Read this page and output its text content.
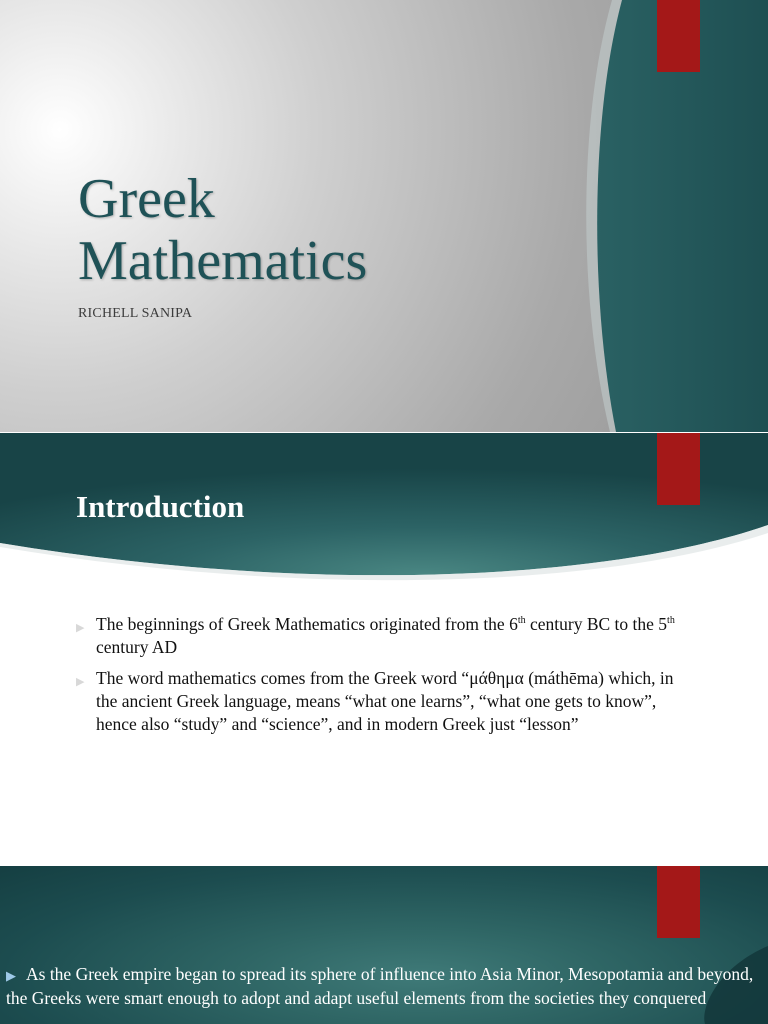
Greek
Mathematics
RICHELL SANIPA
Introduction
▶ The beginnings of Greek Mathematics originated from the 6th century BC to the 5th century AD
▶ The word mathematics comes from the Greek word “μάθημα (máthēma) which, in the ancient Greek language, means “what one learns”, “what one gets to know”, hence also “study” and “science”, and in modern Greek just “lesson”
▶ As the Greek empire began to spread its sphere of influence into Asia Minor, Mesopotamia and beyond, the Greeks were smart enough to adopt and adapt useful elements from the societies they conquered
